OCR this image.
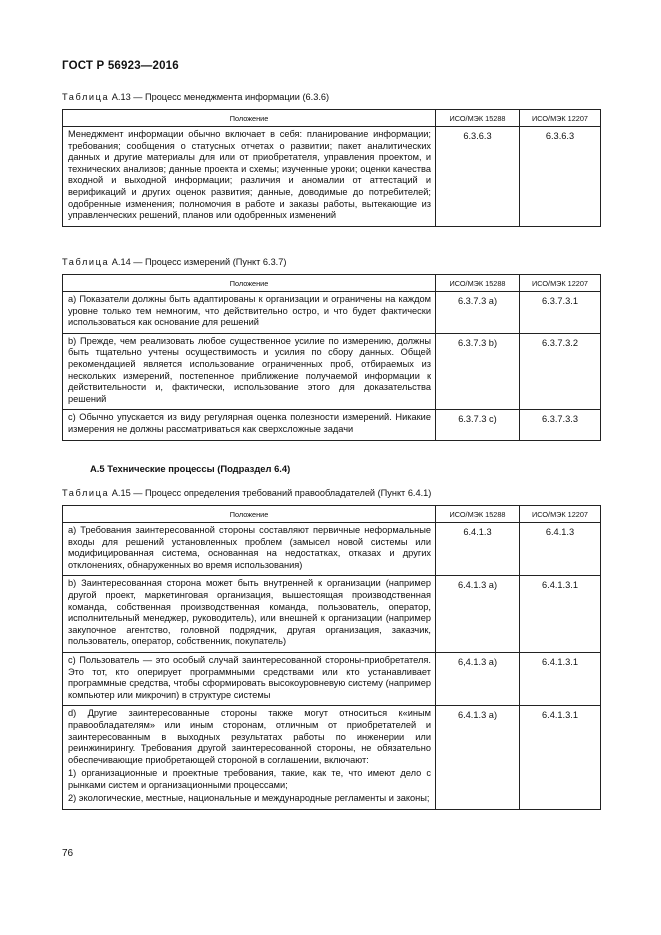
ГОСТ Р 56923—2016
Таблица А.13 — Процесс менеджмента информации (6.3.6)
Положение	ИСО/МЭК 15288	ИСО/МЭК 12207

Менеджмент информации обычно включает в себя: планирование информации; требования; сообщения о статусных отчетах о развитии; пакет аналитических данных и другие материалы для или от приобретателя, управления проектом, и технических анализов; данные проекта и схемы; изученные уроки; оценки качества входной и выходной информации; различия и аномалии от аттестаций и верификаций и других оценок развития; данные, доводимые до потребителей; одобренные изменения; полномочия в работе и заказы работы, вытекающие из управленческих решений, планов или одобренных изменений	6.3.6.3	6.3.6.3
Таблица А.14 — Процесс измерений (Пункт 6.3.7)
Положение	ИСО/МЭК 15288	ИСО/МЭК 12207

a) Показатели должны быть адаптированы к организации и ограничены на каждом уровне только тем немногим, что действительно остро, и что будет фактически использоваться как основание для решений	6.3.7.3 a)	6.3.7.3.1

b) Прежде, чем реализовать любое существенное усилие по измерению, должны быть тщательно учтены осуществимость и усилия по сбору данных. Общей рекомендацией является использование ограниченных проб, отбираемых из нескольких измерений, постепенное приближение получаемой информации к действительности и, фактически, использование этого для доказательства решений	6.3.7.3 b)	6.3.7.3.2

c) Обычно упускается из виду регулярная оценка полезности измерений. Никакие измерения не должны рассматриваться как сверхсложные задачи	6.3.7.3 c)	6.3.7.3.3
А.5 Технические процессы (Подраздел 6.4)
Таблица А.15 — Процесс определения требований правообладателей (Пункт 6.4.1)
Положение	ИСО/МЭК 15288	ИСО/МЭК 12207

a) Требования заинтересованной стороны составляют первичные неформальные входы для решений установленных проблем (замысел новой системы или модифицированная система, основанная на недостатках, отказах и других отклонениях, обнаруженных во время использования)	6.4.1.3	6.4.1.3

b) Заинтересованная сторона может быть внутренней к организации (например другой проект, маркетинговая организация, вышестоящая производственная команда, собственная производственная команда, пользователь, оператор, исполнительный менеджер, руководитель), или внешней к организации (например закупочное агентство, головной подрядчик, другая организация, заказчик, пользователь, оператор, собственник, покупатель)	6.4.1.3 a)	6.4.1.3.1

c) Пользователь — это особый случай заинтересованной стороны-приобретателя. Это тот, кто оперирует программными средствами или кто устанавливает программные средства, чтобы сформировать высокоуровневую систему (например компьютер или микрочип) в структуре системы	6,4.1.3 a)	6.4.1.3.1

d) Другие заинтересованные стороны также могут относиться к«иным правообладателям» или иным сторонам, отличным от приобретателей и заинтересованным в выходных результатах работы по инженерии или реинжинирингу. Требования другой заинтересованной стороны, не обязательно обеспечивающие приобретающей стороной в соглашении, включают:

1) организационные и проектные требования, такие, как те, что имеют дело с рынками систем и организационными процессами;

2) экологические, местные, национальные и международные регламенты и законы;	6.4.1.3 a)	6.4.1.3.1
76
